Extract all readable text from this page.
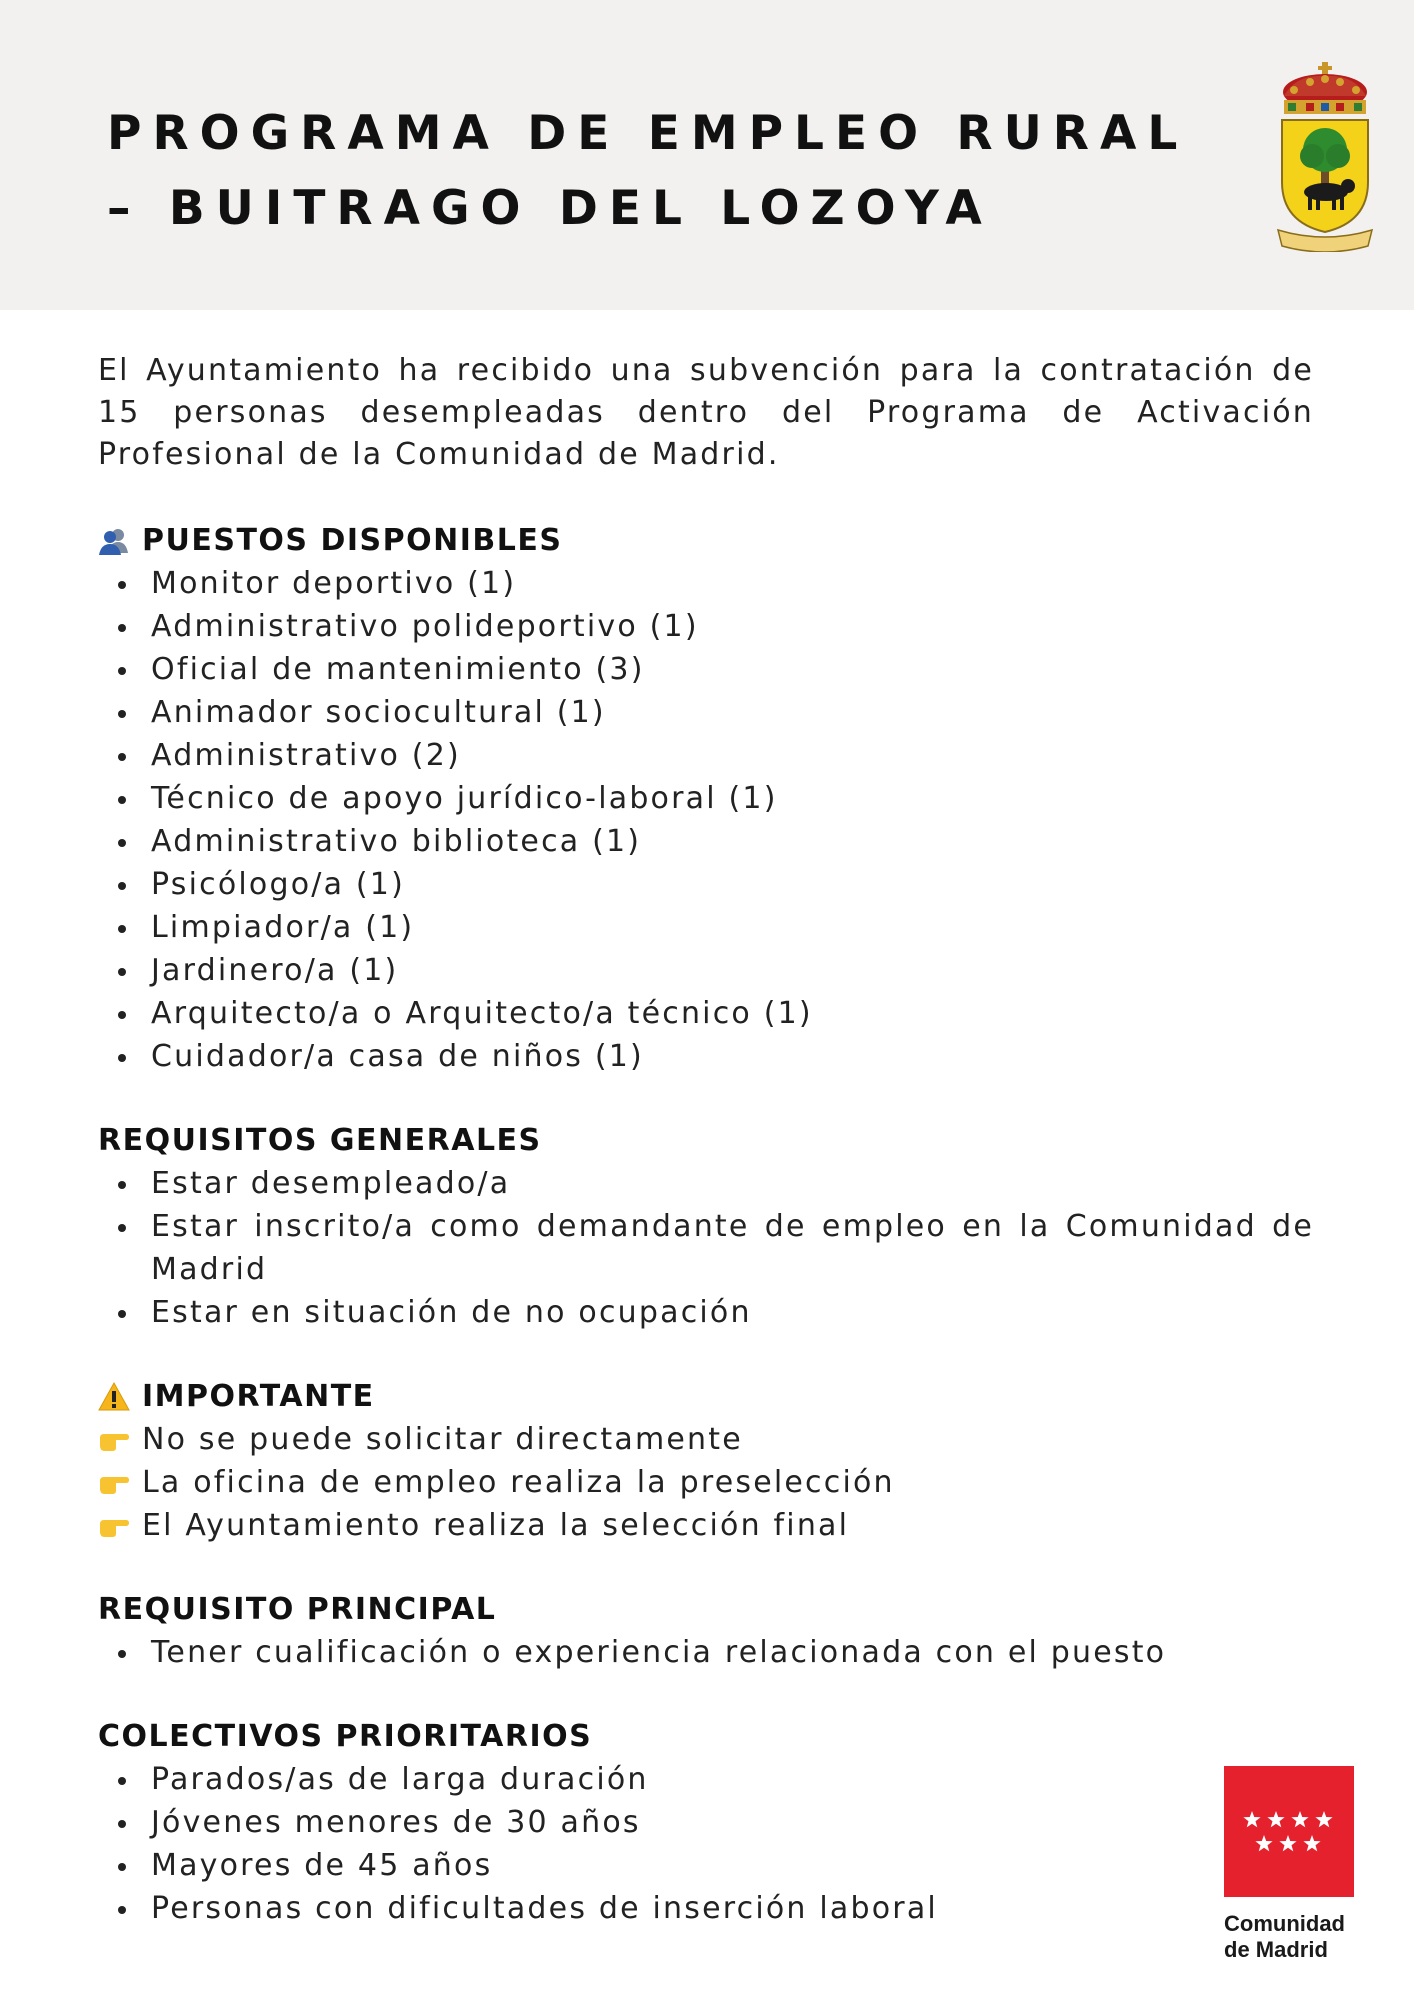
PROGRAMA DE EMPLEO RURAL
– BUITRAGO DEL LOZOYA

El Ayuntamiento ha recibido una subvención para la contratación de 15 personas desempleadas dentro del Programa de Activación Profesional de la Comunidad de Madrid.

PUESTOS DISPONIBLES
Monitor deportivo (1)
Administrativo polideportivo (1)
Oficial de mantenimiento (3)
Animador sociocultural (1)
Administrativo (2)
Técnico de apoyo jurídico-laboral (1)
Administrativo biblioteca (1)
Psicólogo/a (1)
Limpiador/a (1)
Jardinero/a (1)
Arquitecto/a o Arquitecto/a técnico (1)
Cuidador/a casa de niños (1)
REQUISITOS GENERALES
Estar desempleado/a
Estar inscrito/a como demandante de empleo en la Comunidad de Madrid
Estar en situación de no ocupación
IMPORTANTE
No se puede solicitar directamente
La oficina de empleo realiza la preselección
El Ayuntamiento realiza la selección final
REQUISITO PRINCIPAL
Tener cualificación o experiencia relacionada con el puesto
COLECTIVOS PRIORITARIOS
Parados/as de larga duración
Jóvenes menores de 30 años
Mayores de 45 años
Personas con dificultades de inserción laboral	Comunidad
de Madrid
